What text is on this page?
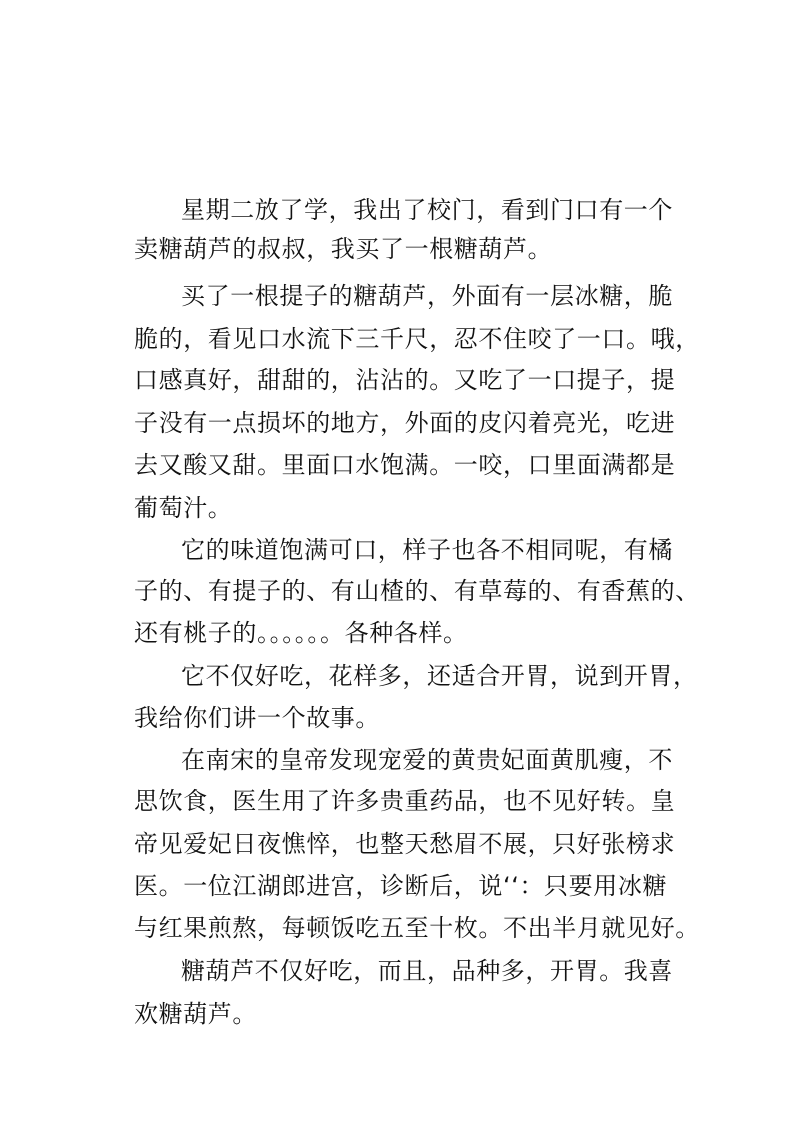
星期二放了学，我出了校门，看到门口有一个
卖糖葫芦的叔叔，我买了一根糖葫芦。
买了一根提子的糖葫芦，外面有一层冰糖，脆
脆的，看见口水流下三千尺，忍不住咬了一口。哦，
口感真好，甜甜的，沾沾的。又吃了一口提子，提
子没有一点损坏的地方，外面的皮闪着亮光，吃进
去又酸又甜。里面口水饱满。一咬，口里面满都是
葡萄汁。
它的味道饱满可口，样子也各不相同呢，有橘
子的、有提子的、有山楂的、有草莓的、有香蕉的、
还有桃子的。。。。。。各种各样。
它不仅好吃，花样多，还适合开胃，说到开胃，
我给你们讲一个故事。
在南宋的皇帝发现宠爱的黄贵妃面黄肌瘦，不
思饮食，医生用了许多贵重药品，也不见好转。皇
帝见爱妃日夜憔悴，也整天愁眉不展，只好张榜求
医。一位江湖郎进宫，诊断后，说‘‘：只要用冰糖
与红果煎熬，每顿饭吃五至十枚。不出半月就见好。
糖葫芦不仅好吃，而且，品种多，开胃。我喜
欢糖葫芦。
